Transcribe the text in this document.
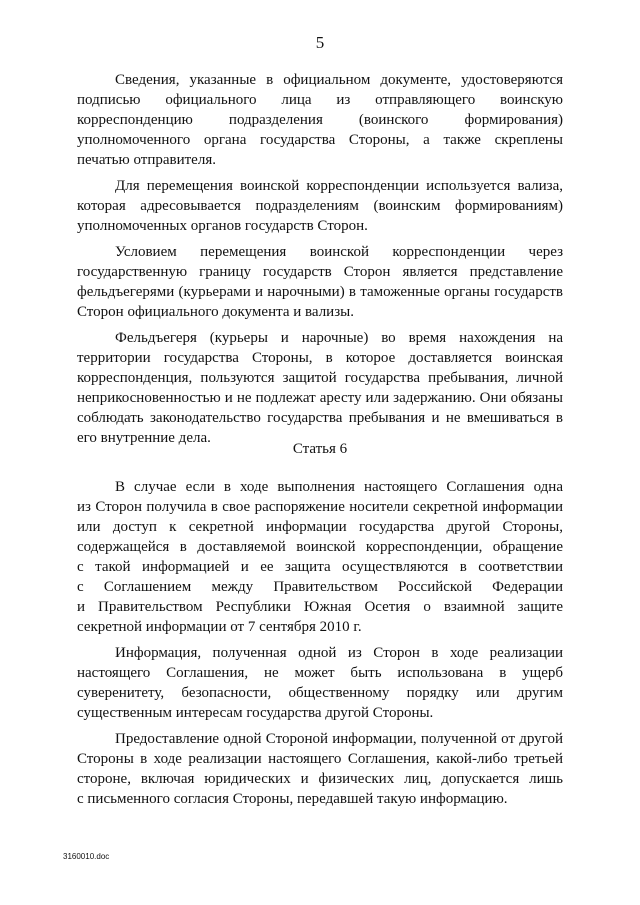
5
Сведения, указанные в официальном документе, удостоверяются
подписью официального лица из отправляющего воинскую
корреспонденцию подразделения (воинского формирования)
уполномоченного органа государства Стороны, а также скреплены
печатью отправителя.
Для перемещения воинской корреспонденции используется вализа,
которая адресовывается подразделениям (воинским формированиям)
уполномоченных органов государств Сторон.
Условием перемещения воинской корреспонденции через
государственную границу государств Сторон является представление
фельдъегерями (курьерами и нарочными) в таможенные органы государств
Сторон официального документа и вализы.
Фельдъегеря (курьеры и нарочные) во время нахождения на
территории государства Стороны, в которое доставляется воинская
корреспонденция, пользуются защитой государства пребывания, личной
неприкосновенностью и не подлежат аресту или задержанию. Они обязаны
соблюдать законодательство государства пребывания и не вмешиваться в
его внутренние дела.
Статья 6
В случае если в ходе выполнения настоящего Соглашения одна
из Сторон получила в свое распоряжение носители секретной информации
или доступ к секретной информации государства другой Стороны,
содержащейся в доставляемой воинской корреспонденции, обращение
с такой информацией и ее защита осуществляются в соответствии
с Соглашением между Правительством Российской Федерации
и Правительством Республики Южная Осетия о взаимной защите
секретной информации от 7 сентября 2010 г.
Информация, полученная одной из Сторон в ходе реализации
настоящего Соглашения, не может быть использована в ущерб
суверенитету, безопасности, общественному порядку или другим
существенным интересам государства другой Стороны.
Предоставление одной Стороной информации, полученной от другой
Стороны в ходе реализации настоящего Соглашения, какой-либо третьей
стороне, включая юридических и физических лиц, допускается лишь
с письменного согласия Стороны, передавшей такую информацию.
3160010.doc
